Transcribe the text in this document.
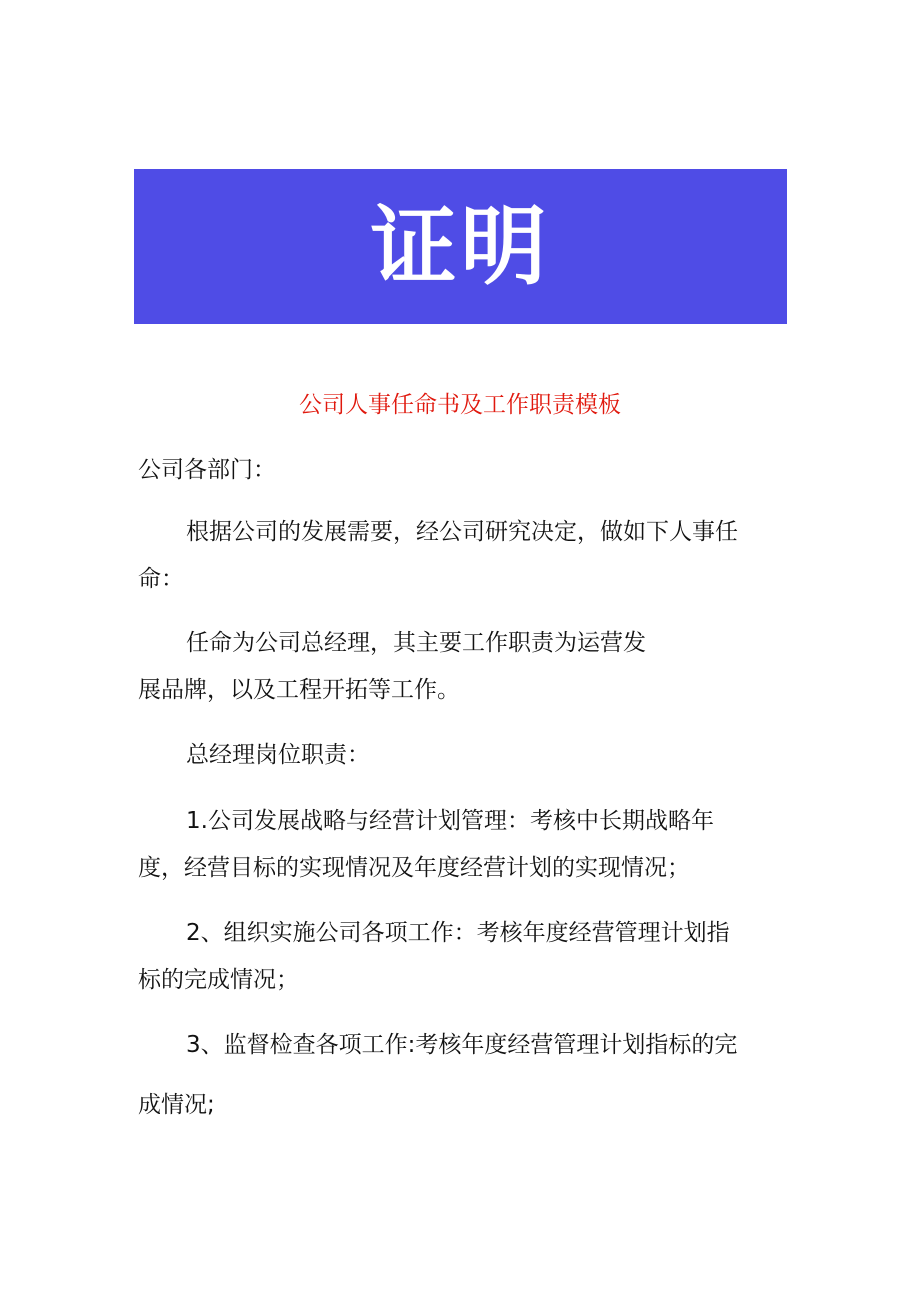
证明
公司人事任命书及工作职责模板
公司各部门：
根据公司的发展需要，经公司研究决定，做如下人事任
命：
任命为公司总经理，其主要工作职责为运营发
展品牌，以及工程开拓等工作。
总经理岗位职责：
1.公司发展战略与经营计划管理：考核中长期战略年
度，经营目标的实现情况及年度经营计划的实现情况；
2、组织实施公司各项工作：考核年度经营管理计划指
标的完成情况；
3、监督检查各项工作:考核年度经营管理计划指标的完
成情况;
